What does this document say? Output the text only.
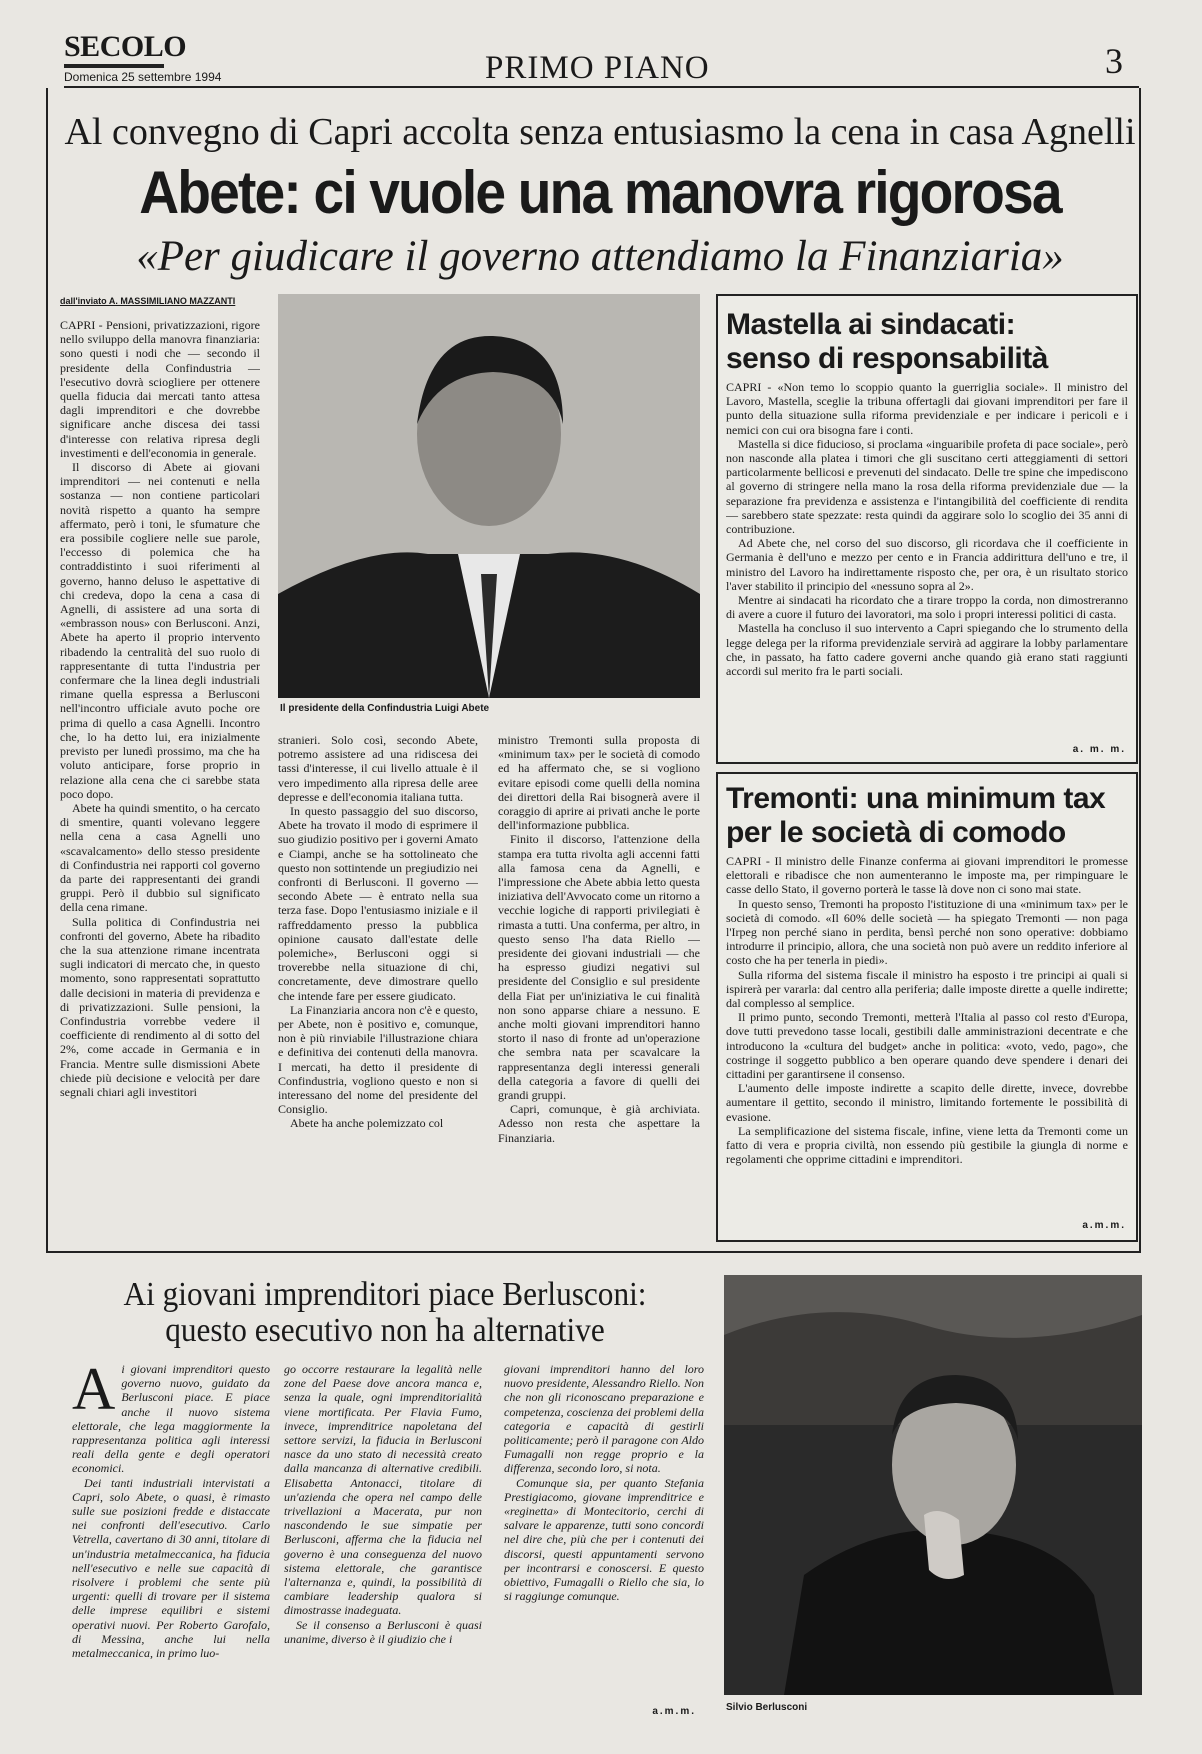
SECOLO
Domenica 25 settembre 1994	PRIMO PIANO	3
Al convegno di Capri accolta senza entusiasmo la cena in casa Agnelli
Abete: ci vuole una manovra rigorosa
«Per giudicare il governo attendiamo la Finanziaria»
dall'inviato A. MASSIMILIANO MAZZANTI

CAPRI - Pensioni, privatizzazioni, rigore nello sviluppo della manovra finanziaria: sono questi i nodi che — secondo il presidente della Confindustria — l'esecutivo dovrà sciogliere per ottenere quella fiducia dai mercati tanto attesa dagli imprenditori e che dovrebbe significare anche discesa dei tassi d'interesse con relativa ripresa degli investimenti e dell'economia in generale.

Il discorso di Abete ai giovani imprenditori — nei contenuti e nella sostanza — non contiene particolari novità rispetto a quanto ha sempre affermato, però i toni, le sfumature che era possibile cogliere nelle sue parole, l'eccesso di polemica che ha contraddistinto i suoi riferimenti al governo, hanno deluso le aspettative di chi credeva, dopo la cena a casa di Agnelli, di assistere ad una sorta di «embrasson nous» con Berlusconi. Anzi, Abete ha aperto il proprio intervento ribadendo la centralità del suo ruolo di rappresentante di tutta l'industria per confermare che la linea degli industriali rimane quella espressa a Berlusconi nell'incontro ufficiale avuto poche ore prima di quello a casa Agnelli. Incontro che, lo ha detto lui, era inizialmente previsto per lunedì prossimo, ma che ha voluto anticipare, forse proprio in relazione alla cena che ci sarebbe stata poco dopo.

Abete ha quindi smentito, o ha cercato di smentire, quanti volevano leggere nella cena a casa Agnelli uno «scavalcamento» dello stesso presidente di Confindustria nei rapporti col governo da parte dei rappresentanti dei grandi gruppi. Però il dubbio sul significato della cena rimane.

Sulla politica di Confindustria nei confronti del governo, Abete ha ribadito che la sua attenzione rimane incentrata sugli indicatori di mercato che, in questo momento, sono rappresentati soprattutto dalle decisioni in materia di previdenza e di privatizzazioni. Sulle pensioni, la Confindustria vorrebbe vedere il coefficiente di rendimento al di sotto del 2%, come accade in Germania e in Francia. Mentre sulle dismissioni Abete chiede più decisione e velocità per dare segnali chiari agli investitori

Il presidente della Confindustria Luigi Abete

stranieri. Solo così, secondo Abete, potremo assistere ad una ridiscesa dei tassi d'interesse, il cui livello attuale è il vero impedimento alla ripresa delle aree depresse e dell'economia italiana tutta.

In questo passaggio del suo discorso, Abete ha trovato il modo di esprimere il suo giudizio positivo per i governi Amato e Ciampi, anche se ha sottolineato che questo non sottintende un pregiudizio nei confronti di Berlusconi. Il governo — secondo Abete — è entrato nella sua terza fase. Dopo l'entusiasmo iniziale e il raffreddamento presso la pubblica opinione causato dall'estate delle polemiche», Berlusconi oggi si troverebbe nella situazione di chi, concretamente, deve dimostrare quello che intende fare per essere giudicato.

La Finanziaria ancora non c'è e questo, per Abete, non è positivo e, comunque, non è più rinviabile l'illustrazione chiara e definitiva dei contenuti della manovra. I mercati, ha detto il presidente di Confindustria, vogliono questo e non si interessano del nome del presidente del Consiglio.

Abete ha anche polemizzato col

ministro Tremonti sulla proposta di «minimum tax» per le società di comodo ed ha affermato che, se si vogliono evitare episodi come quelli della nomina dei direttori della Rai bisognerà avere il coraggio di aprire ai privati anche le porte dell'informazione pubblica.

Finito il discorso, l'attenzione della stampa era tutta rivolta agli accenni fatti alla famosa cena da Agnelli, e l'impressione che Abete abbia letto questa iniziativa dell'Avvocato come un ritorno a vecchie logiche di rapporti privilegiati è rimasta a tutti. Una conferma, per altro, in questo senso l'ha data Riello — presidente dei giovani industriali — che ha espresso giudizi negativi sul presidente del Consiglio e sul presidente della Fiat per un'iniziativa le cui finalità non sono apparse chiare a nessuno. E anche molti giovani imprenditori hanno storto il naso di fronte ad un'operazione che sembra nata per scavalcare la rappresentanza degli interessi generali della categoria a favore di quelli dei grandi gruppi.

Capri, comunque, è già archiviata. Adesso non resta che aspettare la Finanziaria.

Mastella ai sindacati:
senso di responsabilità

CAPRI - «Non temo lo scoppio quanto la guerriglia sociale». Il ministro del Lavoro, Mastella, sceglie la tribuna offertagli dai giovani imprenditori per fare il punto della situazione sulla riforma previdenziale e per indicare i pericoli e i nemici con cui ora bisogna fare i conti.

Mastella si dice fiducioso, si proclama «inguaribile profeta di pace sociale», però non nasconde alla platea i timori che gli suscitano certi atteggiamenti di settori particolarmente bellicosi e prevenuti del sindacato. Delle tre spine che impediscono al governo di stringere nella mano la rosa della riforma previdenziale due — la separazione fra previdenza e assistenza e l'intangibilità del coefficiente di rendita — sarebbero state spezzate: resta quindi da aggirare solo lo scoglio dei 35 anni di contribuzione.

Ad Abete che, nel corso del suo discorso, gli ricordava che il coefficiente in Germania è dell'uno e mezzo per cento e in Francia addirittura dell'uno e tre, il ministro del Lavoro ha indirettamente risposto che, per ora, è un risultato storico l'aver stabilito il principio del «nessuno sopra al 2».

Mentre ai sindacati ha ricordato che a tirare troppo la corda, non dimostreranno di avere a cuore il futuro dei lavoratori, ma solo i propri interessi politici di casta.

Mastella ha concluso il suo intervento a Capri spiegando che lo strumento della legge delega per la riforma previdenziale servirà ad aggirare la lobby parlamentare che, in passato, ha fatto cadere governi anche quando già erano stati raggiunti accordi sul merito fra le parti sociali.

a. m. m.
Tremonti: una minimum tax
per le società di comodo

CAPRI - Il ministro delle Finanze conferma ai giovani imprenditori le promesse elettorali e ribadisce che non aumenteranno le imposte ma, per rimpinguare le casse dello Stato, il governo porterà le tasse là dove non ci sono mai state.

In questo senso, Tremonti ha proposto l'istituzione di una «minimum tax» per le società di comodo. «Il 60% delle società — ha spiegato Tremonti — non paga l'Irpeg non perché siano in perdita, bensì perché non sono operative: dobbiamo introdurre il principio, allora, che una società non può avere un reddito inferiore al costo che ha per tenerla in piedi».

Sulla riforma del sistema fiscale il ministro ha esposto i tre principi ai quali si ispirerà per vararla: dal centro alla periferia; dalle imposte dirette a quelle indirette; dal complesso al semplice.

Il primo punto, secondo Tremonti, metterà l'Italia al passo col resto d'Europa, dove tutti prevedono tasse locali, gestibili dalle amministrazioni decentrate e che introducono la «cultura del budget» anche in politica: «voto, vedo, pago», che costringe il soggetto pubblico a ben operare quando deve spendere i denari dei cittadini per garantirsene il consenso.

L'aumento delle imposte indirette a scapito delle dirette, invece, dovrebbe aumentare il gettito, secondo il ministro, limitando fortemente le possibilità di evasione.

La semplificazione del sistema fiscale, infine, viene letta da Tremonti come un fatto di vera e propria civiltà, non essendo più gestibile la giungla di norme e regolamenti che opprime cittadini e imprenditori.

a.m.m.
Ai giovani imprenditori piace Berlusconi:
questo esecutivo non ha alternative

Ai giovani imprenditori questo governo nuovo, guidato da Berlusconi piace. E piace anche il nuovo sistema elettorale, che lega maggiormente la rappresentanza politica agli interessi reali della gente e degli operatori economici.

Dei tanti industriali intervistati a Capri, solo Abete, o quasi, è rimasto sulle sue posizioni fredde e distaccate nei confronti dell'esecutivo. Carlo Vetrella, cavertano di 30 anni, titolare di un'industria metalmeccanica, ha fiducia nell'esecutivo e nelle sue capacità di risolvere i problemi che sente più urgenti: quelli di trovare per il sistema delle imprese equilibri e sistemi operativi nuovi. Per Roberto Garofalo, di Messina, anche lui nella metalmeccanica, in primo luo-

go occorre restaurare la legalità nelle zone del Paese dove ancora manca e, senza la quale, ogni imprenditorialità viene mortificata. Per Flavia Fumo, invece, imprenditrice napoletana del settore servizi, la fiducia in Berlusconi nasce da uno stato di necessità creato dalla mancanza di alternative credibili. Elisabetta Antonacci, titolare di un'azienda che opera nel campo delle trivellazioni a Macerata, pur non nascondendo le sue simpatie per Berlusconi, afferma che la fiducia nel governo è una conseguenza del nuovo sistema elettorale, che garantisce l'alternanza e, quindi, la possibilità di cambiare leadership qualora si dimostrasse inadeguata.

Se il consenso a Berlusconi è quasi unanime, diverso è il giudizio che i

giovani imprenditori hanno del loro nuovo presidente, Alessandro Riello. Non che non gli riconoscano preparazione e competenza, coscienza dei problemi della categoria e capacità di gestirli politicamente; però il paragone con Aldo Fumagalli non regge proprio e la differenza, secondo loro, si nota.

Comunque sia, per quanto Stefania Prestigiacomo, giovane imprenditrice e «reginetta» di Montecitorio, cerchi di salvare le apparenze, tutti sono concordi nel dire che, più che per i contenuti dei discorsi, questi appuntamenti servono per incontrarsi e conoscersi. E questo obiettivo, Fumagalli o Riello che sia, lo si raggiunge comunque.

a.m.m.	Silvio Berlusconi
